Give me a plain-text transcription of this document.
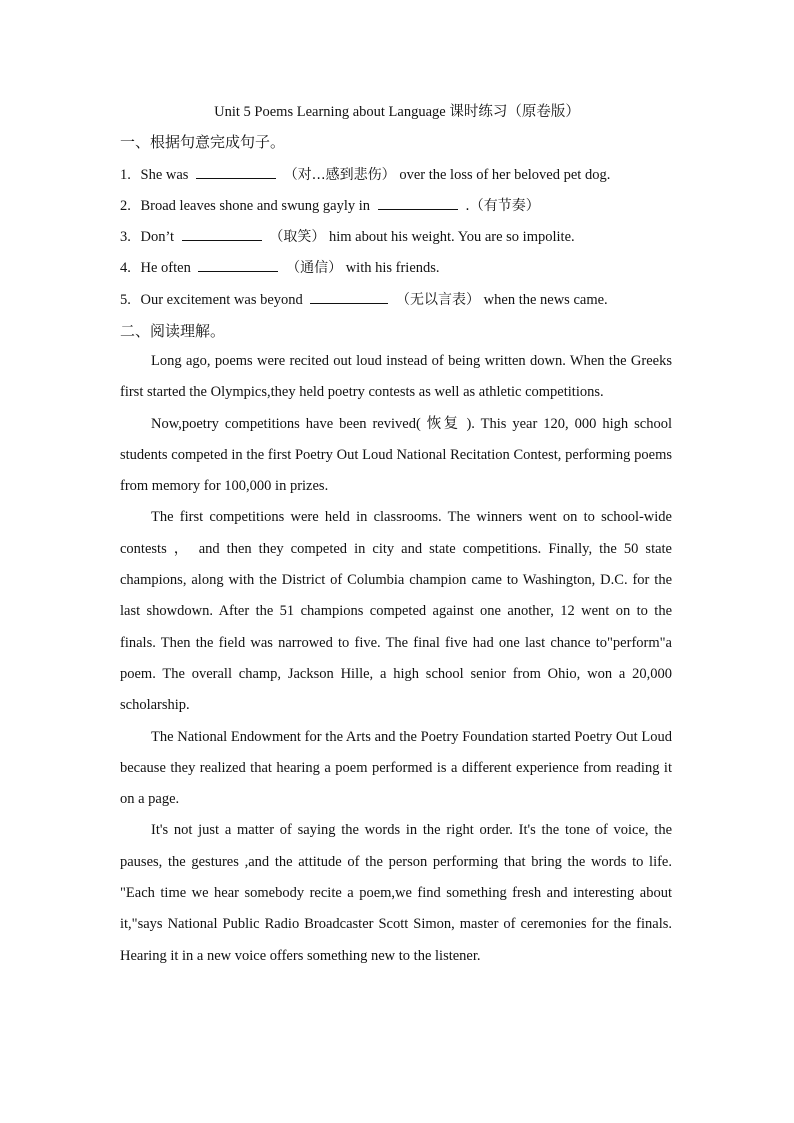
Unit 5 Poems Learning about Language 课时练习（原卷版）
一、根据句意完成句子。
1. She was	（对…感到悲伤） over the loss of her beloved pet dog.
2. Broad leaves shone and swung gayly in	.（有节奏）
3. Don’t	（取笑） him about his weight. You are so impolite.
4. He often	（通信） with his friends.
5. Our excitement was beyond	（无以言表） when the news came.
二、阅读理解。

Long ago, poems were recited out loud instead of being written down. When the Greeks first started the Olympics,they held poetry contests as well as athletic competitions.

Now,poetry competitions have been revived( 恢复 ). This year 120, 000 high school students competed in the first Poetry Out Loud National Recitation Contest, performing poems from memory for 100,000 in prizes.

The first competitions were held in classrooms. The winners went on to school-wide contests ， and then they competed in city and state competitions. Finally, the 50 state champions, along with the District of Columbia champion came to Washington, D.C. for the last showdown. After the 51 champions competed against one another, 12 went on to the finals. Then the field was narrowed to five. The final five had one last chance to"perform"a poem. The overall champ, Jackson Hille, a high school senior from Ohio, won a 20,000 scholarship.

The National Endowment for the Arts and the Poetry Foundation started Poetry Out Loud because they realized that hearing a poem performed is a different experience from reading it on a page.

It's not just a matter of saying the words in the right order. It's the tone of voice, the pauses, the gestures ,and the attitude of the person performing that bring the words to life. "Each time we hear somebody recite a poem,we find something fresh and interesting about it,"says National Public Radio Broadcaster Scott Simon, master of ceremonies for the finals. Hearing it in a new voice offers something new to the listener.
